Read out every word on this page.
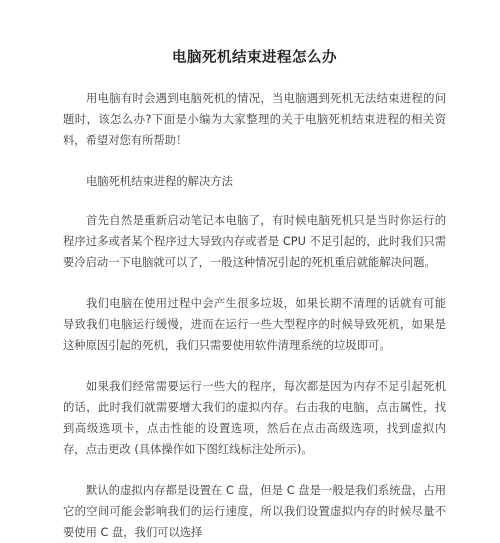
电脑死机结束进程怎么办

用电脑有时会遇到电脑死机的情况，当电脑遇到死机无法结束进程的问题时，该怎么办?下面是小编为大家整理的关于电脑死机结束进程的相关资料，希望对您有所帮助！

电脑死机结束进程的解决方法

首先自然是重新启动笔记本电脑了，有时候电脑死机只是当时你运行的程序过多或者某个程序过大导致内存或者是 CPU 不足引起的，此时我们只需要冷启动一下电脑就可以了，一般这种情况引起的死机重启就能解决问题。

我们电脑在使用过程中会产生很多垃圾，如果长期不清理的话就有可能导致我们电脑运行缓慢，进而在运行一些大型程序的时候导致死机，如果是这种原因引起的死机，我们只需要使用软件清理系统的垃圾即可。

如果我们经常需要运行一些大的程序，每次都是因为内存不足引起死机的话，此时我们就需要增大我们的虚拟内存。右击我的电脑，点击属性，找到高级选项卡，点击性能的设置选项，然后在点击高级选项，找到虚拟内存，点击更改 (具体操作如下图红线标注处所示)。

默认的虚拟内存都是设置在 C 盘，但是 C 盘是一般是我们系统盘，占用它的空间可能会影响我们的运行速度，所以我们设置虚拟内存的时候尽量不要使用 C 盘，我们可以选择
